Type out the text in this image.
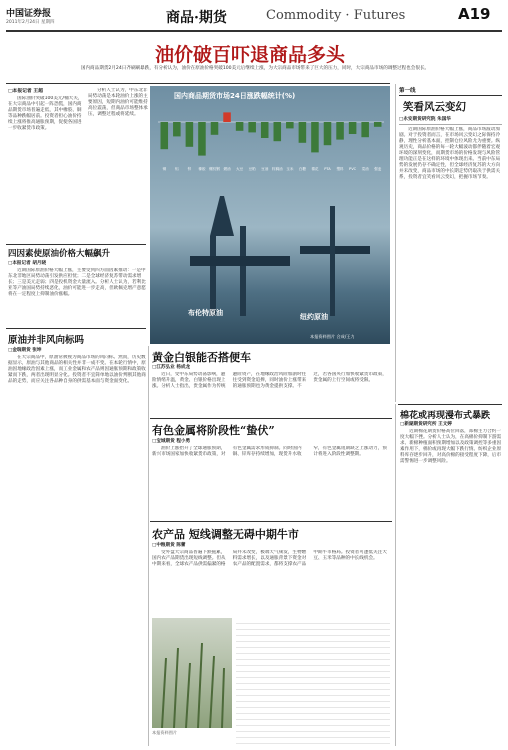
中国证券报
2011年2月24日 星期四	商品·期货	Commodity · Futures	A19
油价破百吓退商品多头
国内商品期货2月24日齐刷刷暴跌，有分析认为，油价在原油价格突破100美元后继续上涨，为大宗商品市场带来了巨大的压力，同时，大宗商品市场的调整过程也会很长。
□本报记者 王超

国际油价突破100美元/桶大关，在大宗商品中引起一阵恐慌，国内商品期货市场普遍走低，其中橡胶、铜等品种跌幅居前。投资者担心油价持续上涨将推高通胀预期，促使各国进一步收紧货币政策。

分析人士认为，中东北非局势动荡是本轮油价上涨的主要原因，短期内油价可能维持高位震荡，但商品市场整体承压，调整过程或将延续。

国内商品期货市场24日涨跌幅统计(%)
铜 铝 锌 橡胶 螺纹钢 燃油 大豆 豆粕 豆油 棕榈油 玉米 白糖 棉花 PTA 塑料 PVC 菜油 强麦
布伦特原油	纽约原油
本报资料图片 合成/王力
第一线
笑看风云变幻
□永安期货研究院 朱国华

近期国际原油价格大幅上涨，商品市场波动加剧。对于投资者而言，在市场风云变幻之际保持冷静，理性分析基本面，控制仓位风险尤为重要。纵观历史，商品价格的每一轮大幅波动都伴随着宏观环境的深刻变化，而期货市场的价格发现与风险管理功能正是在这样的环境中体现出来。当前中东局势的发展仍存不确定性，但全球经济复苏的大方向并未改变，商品市场的中长期走势仍取决于供需关系，投资者宜笑看风云变幻，把握市场节奏。

四因素使原油价格大幅飙升
□本报记者 胡月晓

近期国际原油价格大幅上涨，主要受到四方面因素推动：一是中东北非地区局势动荡引发供应担忧；二是全球经济复苏带动需求增长；三是美元走弱；四是投机资金大量流入。分析人士认为，若利比亚等产油国局势持续恶化，油价可能进一步走高，但欧佩克增产意愿将在一定程度上抑制油价涨幅。

原油并非风向标吗
□金瑞期货 张坤

在大宗商品中，原油常被视为商品市场的风向标。然而，历史数据显示，原油与其他商品的相关性并非一成不变。在本轮行情中，原油因地缘政治因素上涨，而工业金属和农产品则因通胀预期和政策收紧而下跌，两者出现明显分化。投资者不宜简单地以油价判断其他商品的走势，而应关注各品种自身的供需基本面与资金面变化。

黄金白银能否搭便车
□江苏弘业 杨成龙

近日，受中东局势动荡影响，避险情绪升温，黄金、白银价格出现上涨。分析人士指出，贵金属作为传统避险资产，在地缘政治风险加剧时往往受到资金追捧，同时油价上涨带来的通胀预期也为黄金提供支撑。不过，若各国央行加快收紧货币政策，贵金属的上行空间或将受限。

有色金属将阶段性“蛰伏”
□宝城期货 程小勇

油价上涨抬升了全球通胀预期，新兴市场国家加快收紧货币政策，对有色金属需求形成抑制。同时国内铜、锌库存持续增加，现货升水收窄，有色金属短期缺乏上涨动力，预计将进入阶段性调整期。

棉花或再现漫布式暴跌
□新湖期货研究所 王文婷

近期棉花期货价格高位回落，郑棉主力合约一度大幅下挫。分析人士认为，在高棉价抑制下游需求、新棉种植面积预期增加以及政策调控等多重因素作用下，棉价或再现大幅下跌行情。纺织企业原料库存逐步回升，对高价棉的接受程度下降，后市需警惕进一步调整风险。

农产品 短线调整无碍中期牛市
□中粮期货 陈蕾

受外盘大宗商品普遍下跌拖累，国内农产品期货出现短线调整。但从中期来看，全球农产品供需偏紧的格局并未改变，极端天气频发，生物燃料需求增长，以及通胀背景下资金对农产品的配置需求，都将支撑农产品中期牛市格局。投资者可逢低关注大豆、玉米等品种的中长线机会。

本报资料图片
